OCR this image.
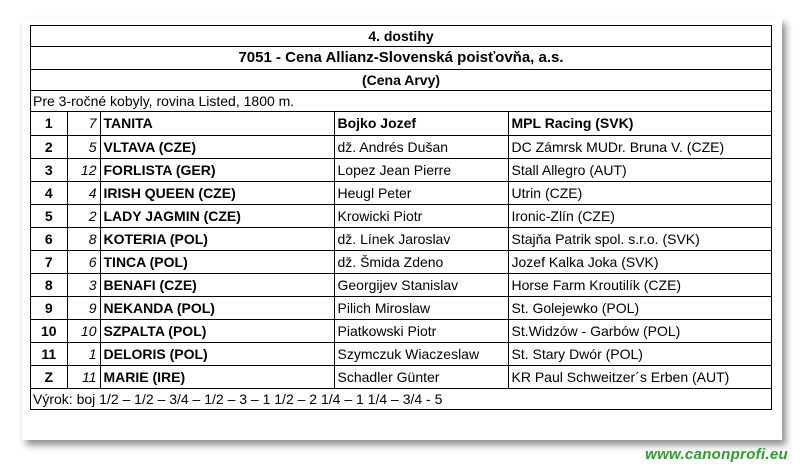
4. dostihy
7051 - Cena Allianz-Slovenská poisťovňa, a.s.
(Cena Arvy)
Pre 3-ročné kobyly, rovina Listed, 1800 m.
1	7	TANITA	Bojko Jozef	MPL Racing (SVK)
2	5	VLTAVA (CZE)	dž. Andrés Dušan	DC Zámrsk MUDr. Bruna V. (CZE)
3	12	FORLISTA (GER)	Lopez Jean Pierre	Stall Allegro (AUT)
4	4	IRISH QUEEN (CZE)	Heugl Peter	Utrin (CZE)
5	2	LADY JAGMIN (CZE)	Krowicki Piotr	Ironic-Zlín (CZE)
6	8	KOTERIA (POL)	dž. Línek Jaroslav	Stajňa Patrik spol. s.r.o. (SVK)
7	6	TINCA (POL)	dž. Šmida Zdeno	Jozef Kalka Joka (SVK)
8	3	BENAFI (CZE)	Georgijev Stanislav	Horse Farm Kroutilík (CZE)
9	9	NEKANDA (POL)	Pilich Miroslaw	St. Golejewko (POL)
10	10	SZPALTA (POL)	Piatkowski Piotr	St.Widzów - Garbów (POL)
11	1	DELORIS (POL)	Szymczuk Wiaczeslaw	St. Stary Dwór (POL)
Z	11	MARIE (IRE)	Schadler Günter	KR Paul Schweitzer´s Erben (AUT)
Výrok: boj 1/2 – 1/2 – 3/4 – 1/2 – 3 – 1 1/2 – 2 1/4 – 1 1/4 – 3/4 - 5
www.canonprofi.eu
